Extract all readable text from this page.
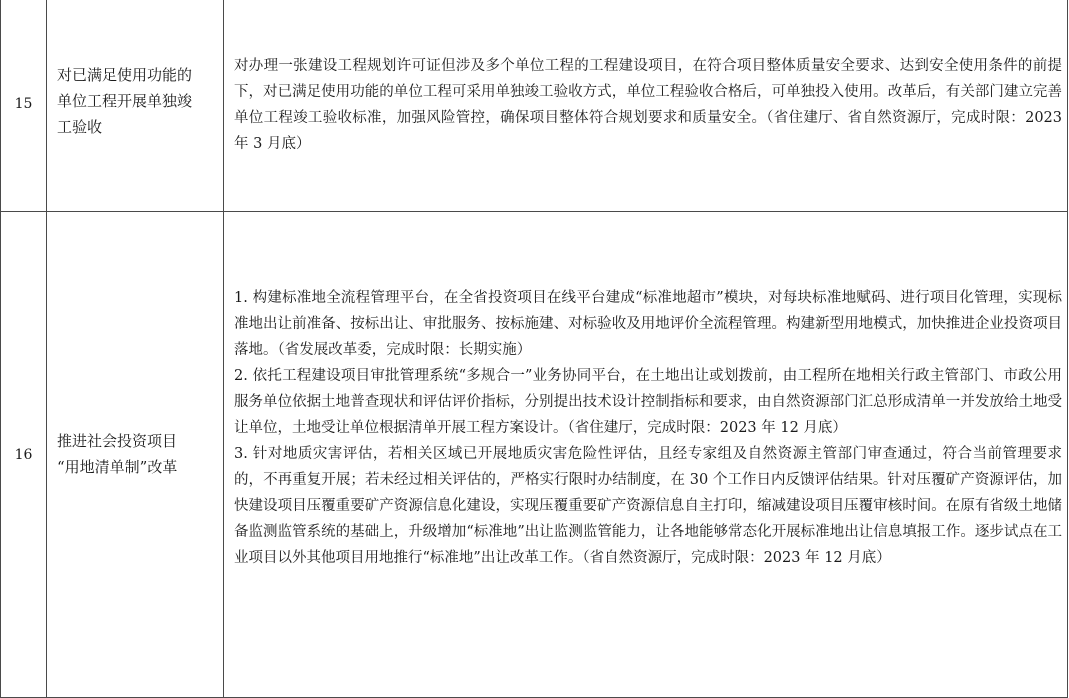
15
对已满足使用功能的
单位工程开展单独竣
工验收

对办理一张建设工程规划许可证但涉及多个单位工程的工程建设项目，在符合项目整体质量安全要求、达到安全使用条件的前提下，对已满足使用功能的单位工程可采用单独竣工验收方式，单位工程验收合格后，可单独投入使用。改革后，有关部门建立完善单位工程竣工验收标准，加强风险管控，确保项目整体符合规划要求和质量安全。（省住建厅、省自然资源厅，完成时限：2023 年 3 月底）

16
推进社会投资项目
“用地清单制”改革

1. 构建标准地全流程管理平台，在全省投资项目在线平台建成“标准地超市”模块，对每块标准地赋码、进行项目化管理，实现标准地出让前准备、按标出让、审批服务、按标施建、对标验收及用地评价全流程管理。构建新型用地模式，加快推进企业投资项目落地。（省发展改革委，完成时限：长期实施）

2. 依托工程建设项目审批管理系统“多规合一”业务协同平台，在土地出让或划拨前，由工程所在地相关行政主管部门、市政公用服务单位依据土地普查现状和评估评价指标，分别提出技术设计控制指标和要求，由自然资源部门汇总形成清单一并发放给土地受让单位，土地受让单位根据清单开展工程方案设计。（省住建厅，完成时限：2023 年 12 月底）

3. 针对地质灾害评估，若相关区域已开展地质灾害危险性评估，且经专家组及自然资源主管部门审查通过，符合当前管理要求的，不再重复开展；若未经过相关评估的，严格实行限时办结制度，在 30 个工作日内反馈评估结果。针对压覆矿产资源评估，加快建设项目压覆重要矿产资源信息化建设，实现压覆重要矿产资源信息自主打印，缩减建设项目压覆审核时间。在原有省级土地储备监测监管系统的基础上，升级增加“标准地”出让监测监管能力，让各地能够常态化开展标准地出让信息填报工作。逐步试点在工业项目以外其他项目用地推行“标准地”出让改革工作。（省自然资源厅，完成时限：2023 年 12 月底）
